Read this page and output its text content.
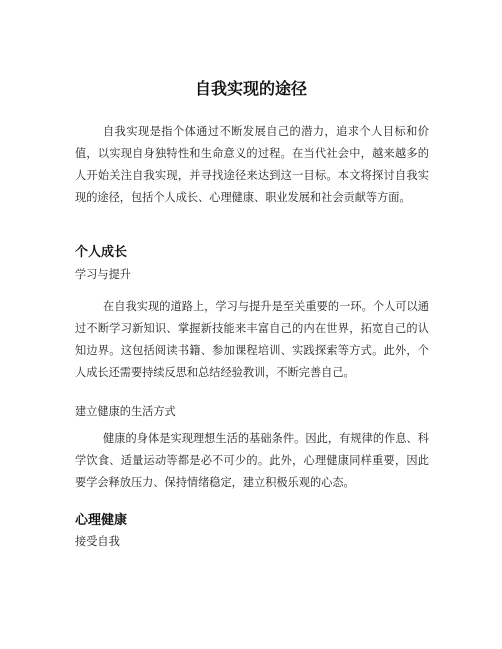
自我实现的途径
自我实现是指个体通过不断发展自己的潜力，追求个人目标和价值，以实现自身独特性和生命意义的过程。在当代社会中，越来越多的人开始关注自我实现，并寻找途径来达到这一目标。本文将探讨自我实现的途径，包括个人成长、心理健康、职业发展和社会贡献等方面。
个人成长
学习与提升
在自我实现的道路上，学习与提升是至关重要的一环。个人可以通过不断学习新知识、掌握新技能来丰富自己的内在世界，拓宽自己的认知边界。这包括阅读书籍、参加课程培训、实践探索等方式。此外，个人成长还需要持续反思和总结经验教训，不断完善自己。
建立健康的生活方式
健康的身体是实现理想生活的基础条件。因此，有规律的作息、科学饮食、适量运动等都是必不可少的。此外，心理健康同样重要，因此要学会释放压力、保持情绪稳定，建立积极乐观的心态。
心理健康
接受自我
